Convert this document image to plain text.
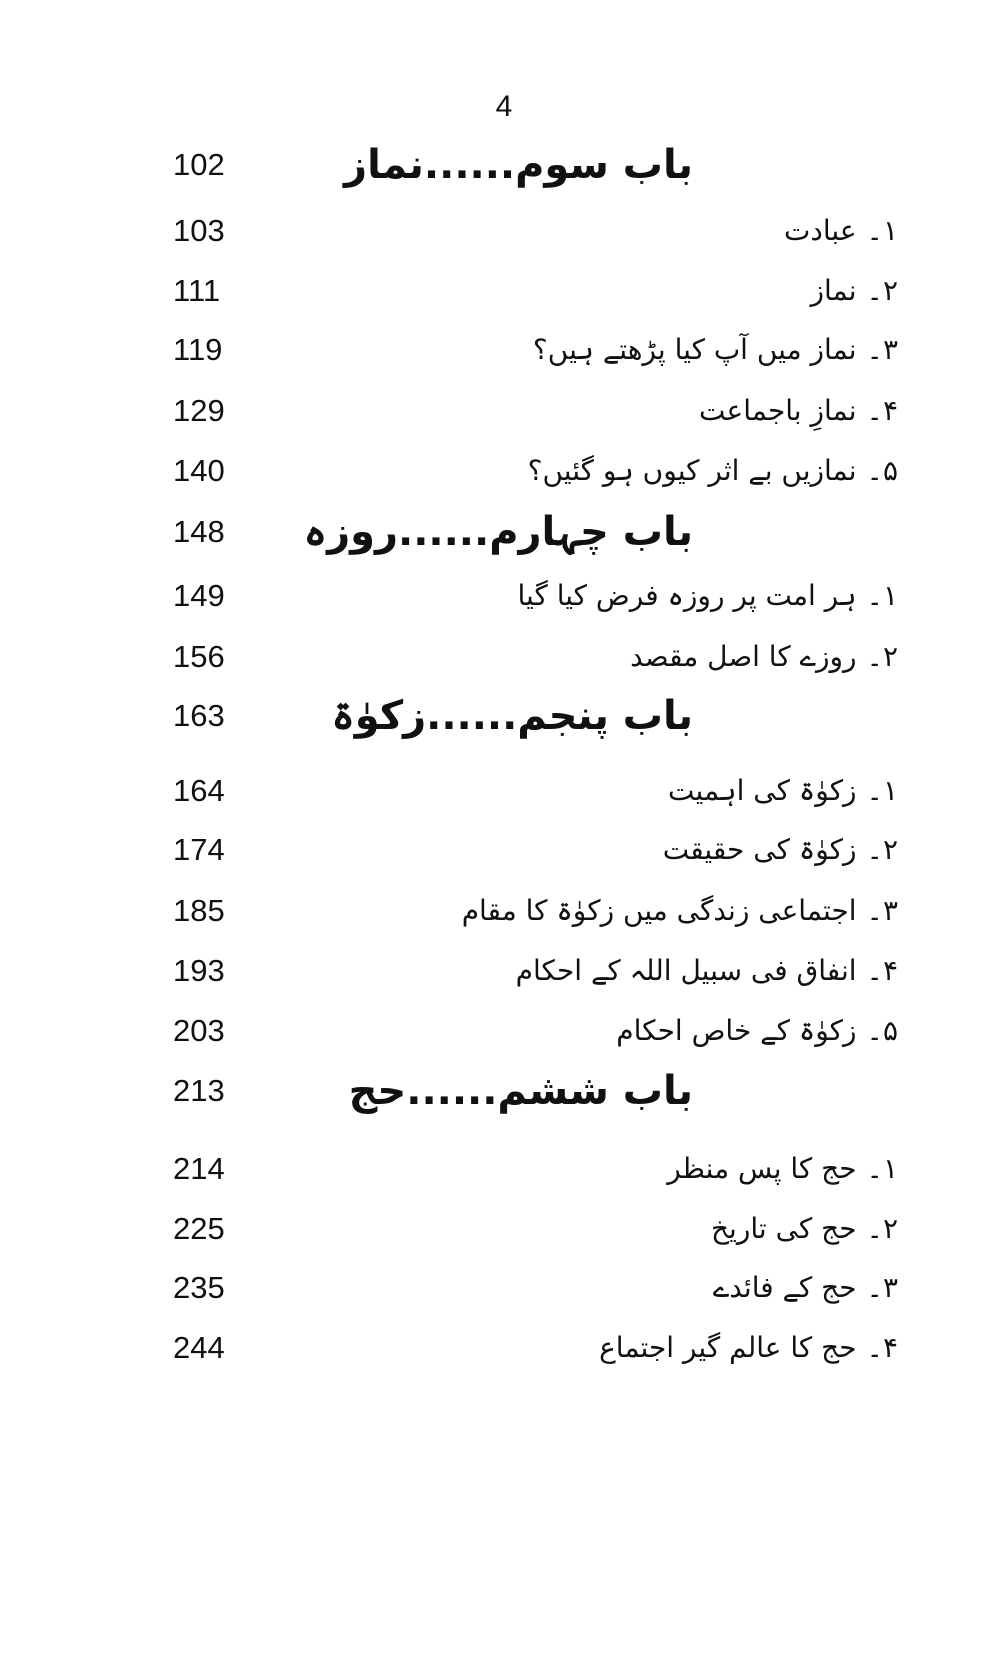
4
102	باب سوم......نماز
103	۱۔عبادت
111	۲۔نماز
119	۳۔نماز میں آپ کیا پڑھتے ہیں؟
129	۴۔نمازِ باجماعت
140	۵۔نمازیں بے اثر کیوں ہو گئیں؟
148	باب چہارم......روزہ
149	۱۔ہر امت پر روزہ فرض کیا گیا
156	۲۔روزے کا اصل مقصد
163	باب پنجم......زکوٰۃ
164	۱۔زکوٰۃ کی اہمیت
174	۲۔زکوٰۃ کی حقیقت
185	۳۔اجتماعی زندگی میں زکوٰۃ کا مقام
193	۴۔انفاق فی سبیل اللہ کے احکام
203	۵۔زکوٰۃ کے خاص احکام
213	باب ششم......حج
214	۱۔حج کا پس منظر
225	۲۔حج کی تاریخ
235	۳۔حج کے فائدے
244	۴۔حج کا عالم گیر اجتماع
